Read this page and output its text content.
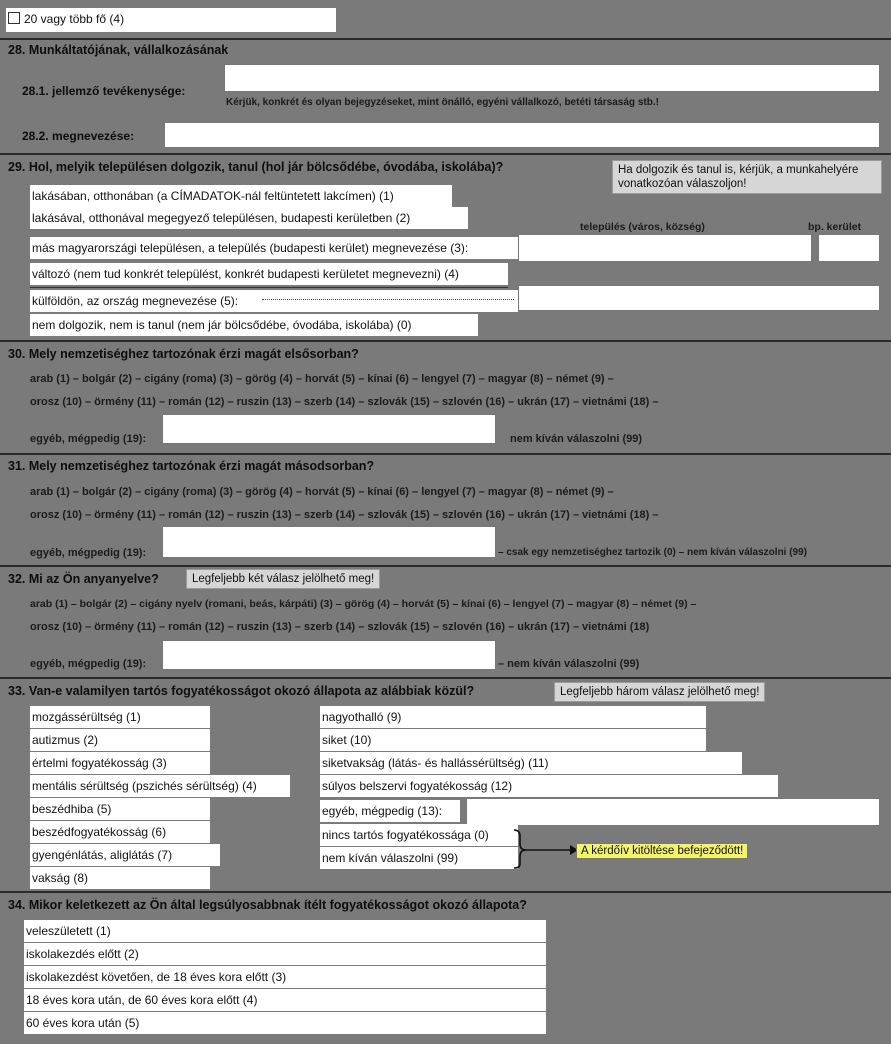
20 vagy több fő (4)
28. Munkáltatójának, vállalkozásának
28.1. jellemző tevékenysége:
Kérjük, konkrét és olyan bejegyzéseket, mint önálló, egyéni vállalkozó, betéti társaság stb.!
28.2. megnevezése:
29. Hol, melyik településen dolgozik, tanul (hol jár bölcsődébe, óvodába, iskolába)?	Ha dolgozik és tanul is, kérjük, a munkahelyére vonatkozóan válaszoljon!
lakásában, otthonában (a CÍMADATOK-nál feltüntetett lakcímen) (1)
lakásával, otthonával megegyező településen, budapesti kerületben (2)
település (város, község)	bp. kerület
más magyarországi településen, a település (budapesti kerület) megnevezése (3):
változó (nem tud konkrét települést, konkrét budapesti kerületet megnevezni) (4)
külföldön, az ország megnevezése (5):
nem dolgozik, nem is tanul (nem jár bölcsődébe, óvodába, iskolába) (0)
30. Mely nemzetiséghez tartozónak érzi magát elsősorban?
arab (1) – bolgár (2) – cigány (roma) (3) – görög (4) – horvát (5) – kínai (6) – lengyel (7) – magyar (8) – német (9) –
orosz (10) – örmény (11) – román (12) – ruszin (13) – szerb (14) – szlovák (15) – szlovén (16) – ukrán (17) – vietnámi (18) –
egyéb, mégpedig (19):	nem kíván válaszolni (99)
31. Mely nemzetiséghez tartozónak érzi magát másodsorban?
arab (1) – bolgár (2) – cigány (roma) (3) – görög (4) – horvát (5) – kínai (6) – lengyel (7) – magyar (8) – német (9) –
orosz (10) – örmény (11) – román (12) – ruszin (13) – szerb (14) – szlovák (15) – szlovén (16) – ukrán (17) – vietnámi (18) –
egyéb, mégpedig (19):	– csak egy nemzetiséghez tartozik (0) – nem kíván válaszolni (99)
32. Mi az Ön anyanyelve?	Legfeljebb két válasz jelölhető meg!
arab (1) – bolgár (2) – cigány nyelv (romani, beás, kárpáti) (3) – görög (4) – horvát (5) – kínai (6) – lengyel (7) – magyar (8) – német (9) –
orosz (10) – örmény (11) – román (12) – ruszin (13) – szerb (14) – szlovák (15) – szlovén (16) – ukrán (17) – vietnámi (18)
egyéb, mégpedig (19):	– nem kíván válaszolni (99)
33. Van-e valamilyen tartós fogyatékosságot okozó állapota az alábbiak közül?	Legfeljebb három válasz jelölhető meg!
mozgássérültség (1)
autizmus (2)
értelmi fogyatékosság (3)
mentális sérültség (pszichés sérültség) (4)
beszédhiba (5)
beszédfogyatékosság (6)
gyengénlátás, aliglátás (7)
vakság (8)
nagyothalló (9)
siket (10)
siketvakság (látás- és hallássérültség) (11)
súlyos belszervi fogyatékosság (12)
egyéb, mégpedig (13):
nincs tartós fogyatékossága (0)
nem kíván válaszolni (99)	A kérdőív kitöltése befejeződött!
34. Mikor keletkezett az Ön által legsúlyosabbnak ítélt fogyatékosságot okozó állapota?
veleszületett (1)
iskolakezdés előtt (2)
iskolakezdést követően, de 18 éves kora előtt (3)
18 éves kora után, de 60 éves kora előtt (4)
60 éves kora után (5)
